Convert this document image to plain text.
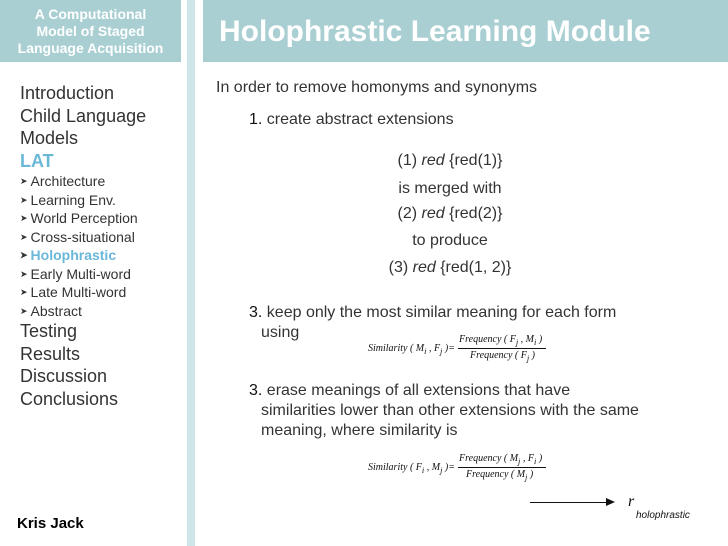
A Computational
Model of Staged
Language Acquisition	Holophrastic Learning Module
Introduction
Child Language
Models
LAT
➤ Architecture
➤ Learning Env.
➤ World Perception
➤ Cross-situational
➤ Holophrastic
➤ Early Multi-word
➤ Late Multi-word
➤ Abstract
Testing
Results
Discussion
Conclusions
Kris Jack
In order to remove homonyms and synonyms
1. create abstract extensions
(1) red {red(1)}
is merged with
(2) red {red(2)}
to produce
(3) red {red(1, 2)}
3. keep only the most similar meaning for each form
using
Similarity ( $M_i$ , $F_j$ )=
Frequency ( $F_j$ , $M_i$ )
Frequency ( $F_j$ )
3. erase meanings of all extensions that have
similarities lower than other extensions with the same
meaning, where similarity is
Similarity ( $F_i$ , $M_j$ )=
Frequency ( $M_j$ , $F_i$ )
Frequency ( $M_j$ )
r
holophrastic
